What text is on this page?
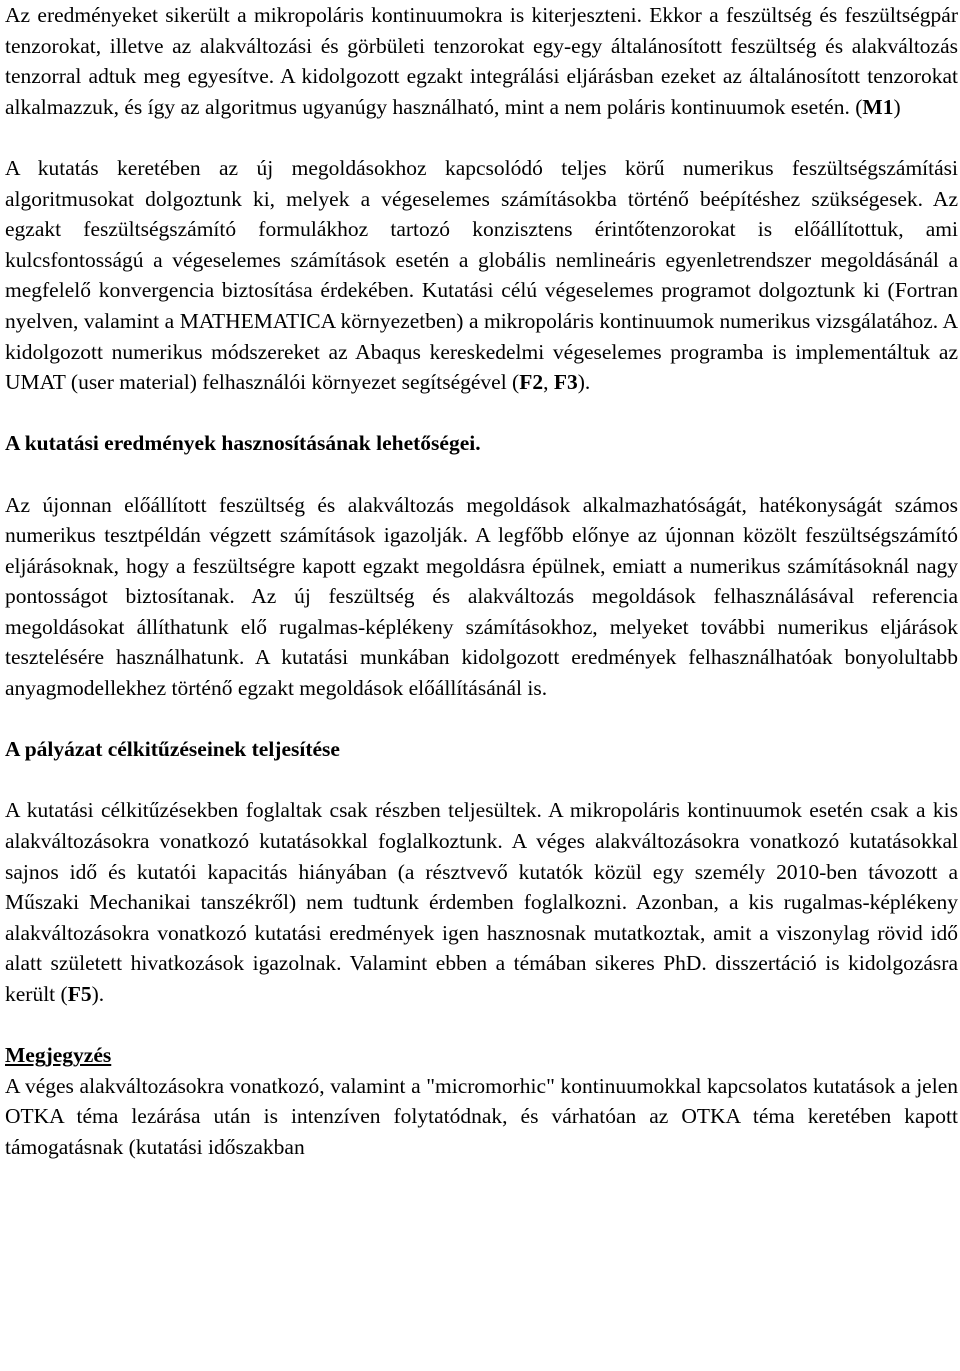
Az eredményeket sikerült a mikropoláris kontinuumokra is kiterjeszteni. Ekkor a feszültség és feszültségpár tenzorokat, illetve az alakváltozási és görbületi tenzorokat egy-egy általánosított feszültség és alakváltozás tenzorral adtuk meg egyesítve. A kidolgozott egzakt integrálási eljárásban ezeket az általánosított tenzorokat alkalmazzuk, és így az algoritmus ugyanúgy használható, mint a nem poláris kontinuumok esetén. (M1)

A kutatás keretében az új megoldásokhoz kapcsolódó teljes körű numerikus feszültségszámítási algoritmusokat dolgoztunk ki, melyek a végeselemes számításokba történő beépítéshez szükségesek. Az egzakt feszültségszámító formulákhoz tartozó konzisztens érintőtenzorokat is előállítottuk, ami kulcsfontosságú a végeselemes számítások esetén a globális nemlineáris egyenletrendszer megoldásánál a megfelelő konvergencia biztosítása érdekében. Kutatási célú végeselemes programot dolgoztunk ki (Fortran nyelven, valamint a MATHEMATICA környezetben) a mikropoláris kontinuumok numerikus vizsgálatához. A kidolgozott numerikus módszereket az Abaqus kereskedelmi végeselemes programba is implementáltuk az UMAT (user material) felhasználói környezet segítségével (F2, F3).

A kutatási eredmények hasznosításának lehetőségei.

Az újonnan előállított feszültség és alakváltozás megoldások alkalmazhatóságát, hatékonyságát számos numerikus tesztpéldán végzett számítások igazolják. A legfőbb előnye az újonnan közölt feszültségszámító eljárásoknak, hogy a feszültségre kapott egzakt megoldásra épülnek, emiatt a numerikus számításoknál nagy pontosságot biztosítanak. Az új feszültség és alakváltozás megoldások felhasználásával referencia megoldásokat állíthatunk elő rugalmas-képlékeny számításokhoz, melyeket további numerikus eljárások tesztelésére használhatunk. A kutatási munkában kidolgozott eredmények felhasználhatóak bonyolultabb anyagmodellekhez történő egzakt megoldások előállításánál is.

A pályázat célkitűzéseinek teljesítése

A kutatási célkitűzésekben foglaltak csak részben teljesültek. A mikropoláris kontinuumok esetén csak a kis alakváltozásokra vonatkozó kutatásokkal foglalkoztunk. A véges alakváltozásokra vonatkozó kutatásokkal sajnos idő és kutatói kapacitás hiányában (a résztvevő kutatók közül egy személy 2010-ben távozott a Műszaki Mechanikai tanszékről) nem tudtunk érdemben foglalkozni. Azonban, a kis rugalmas-képlékeny alakváltozásokra vonatkozó kutatási eredmények igen hasznosnak mutatkoztak, amit a viszonylag rövid idő alatt született hivatkozások igazolnak. Valamint ebben a témában sikeres PhD. disszertáció is kidolgozásra került (F5).

Megjegyzés

A véges alakváltozásokra vonatkozó, valamint a "micromorhic" kontinuumokkal kapcsolatos kutatások a jelen OTKA téma lezárása után is intenzíven folytatódnak, és várhatóan az OTKA téma keretében kapott támogatásnak (kutatási időszakban
